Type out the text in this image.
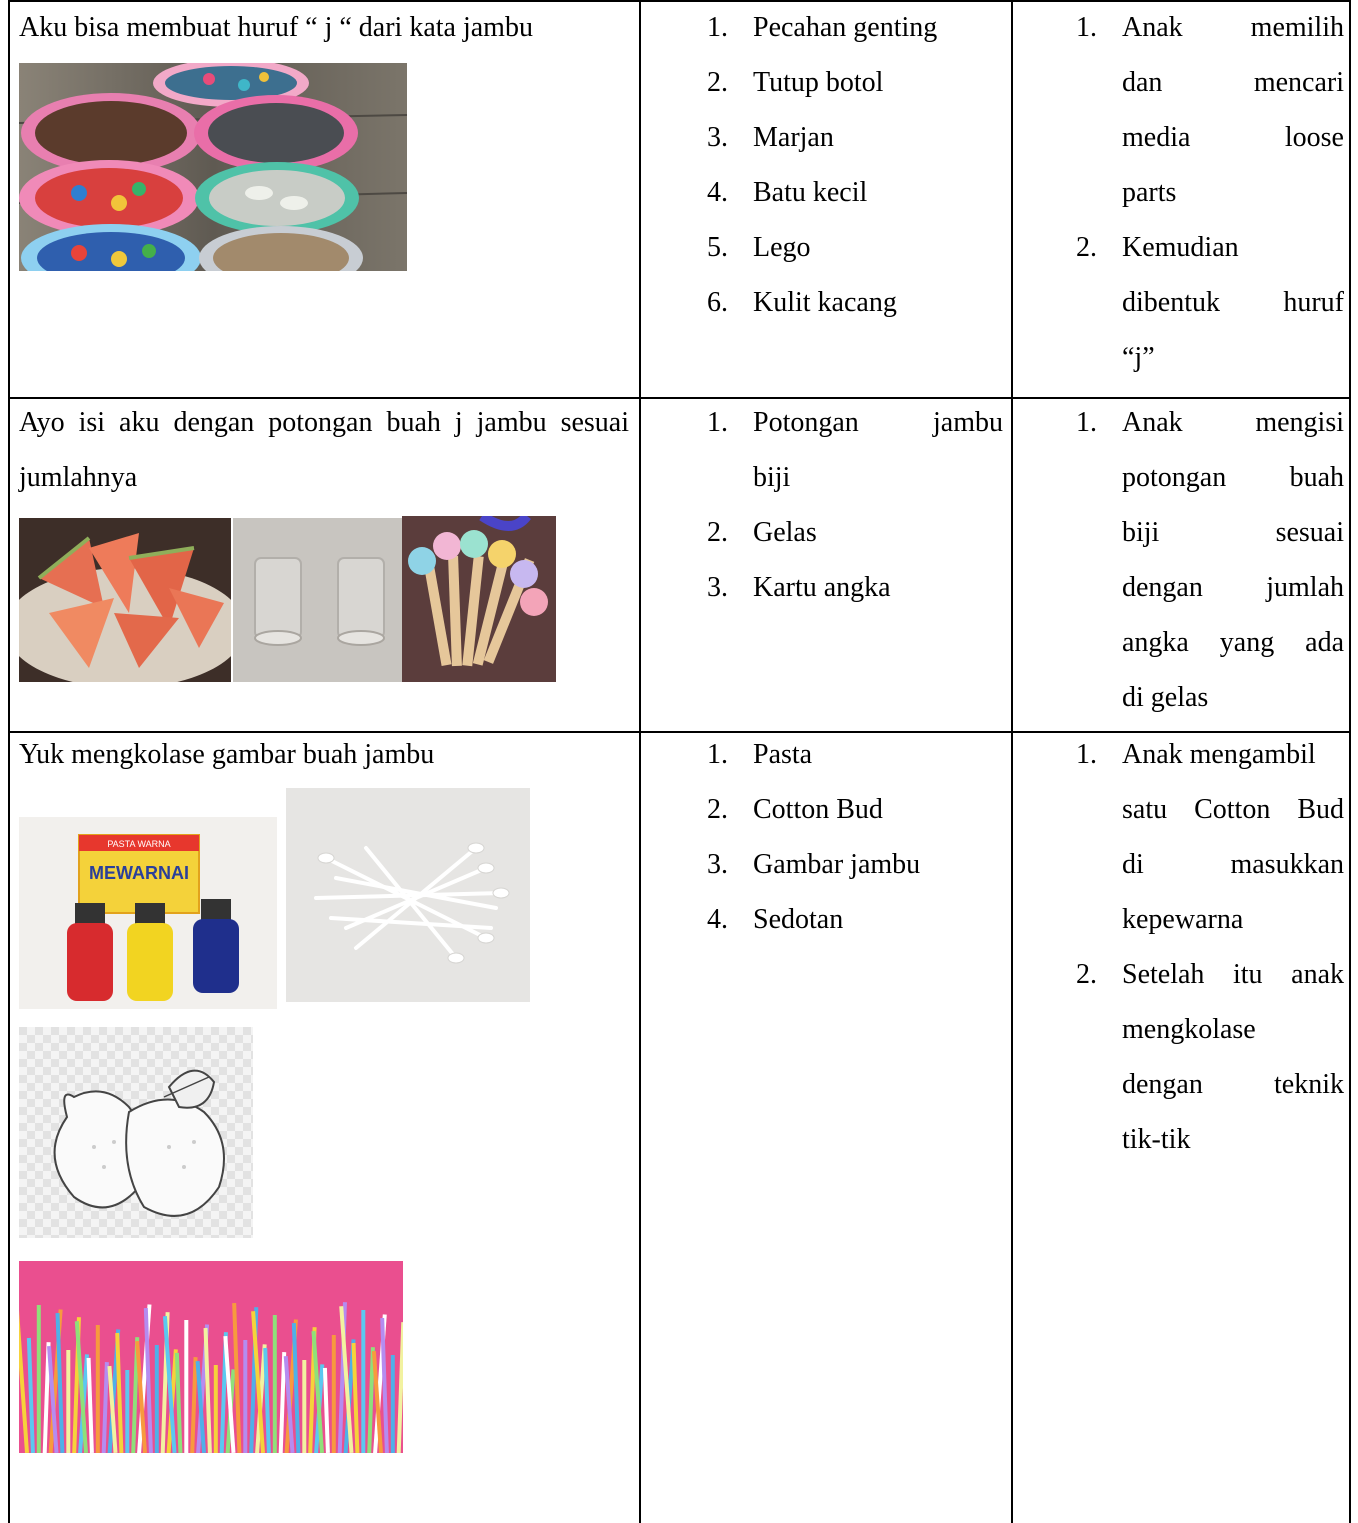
Aku bisa membuat huruf “ j “ dari kata jambu	1. Pecahan genting
2. Tutup botol
3. Marjan
4. Batu kecil
5. Lego
6. Kulit kacang
1. Anak memilih
dan mencari
media loose
parts
2. Kemudian
dibentuk huruf
“j”

Ayo isi aku dengan potongan buah j jambu sesuai jumlahnya

1. Potongan jambu
biji
2. Gelas
3. Kartu angka
1. Anak mengisi
potongan buah
biji sesuai
dengan jumlah
angka yang ada
di gelas

Yuk mengkolase gambar buah jambu

PASTA WARNA
MEWARNAI
1. Pasta
2. Cotton Bud
3. Gambar jambu
4. Sedotan
1. Anak mengambil
satu Cotton Bud
di masukkan
kepewarna
2. Setelah itu anak
mengkolase
dengan teknik
tik-tik
